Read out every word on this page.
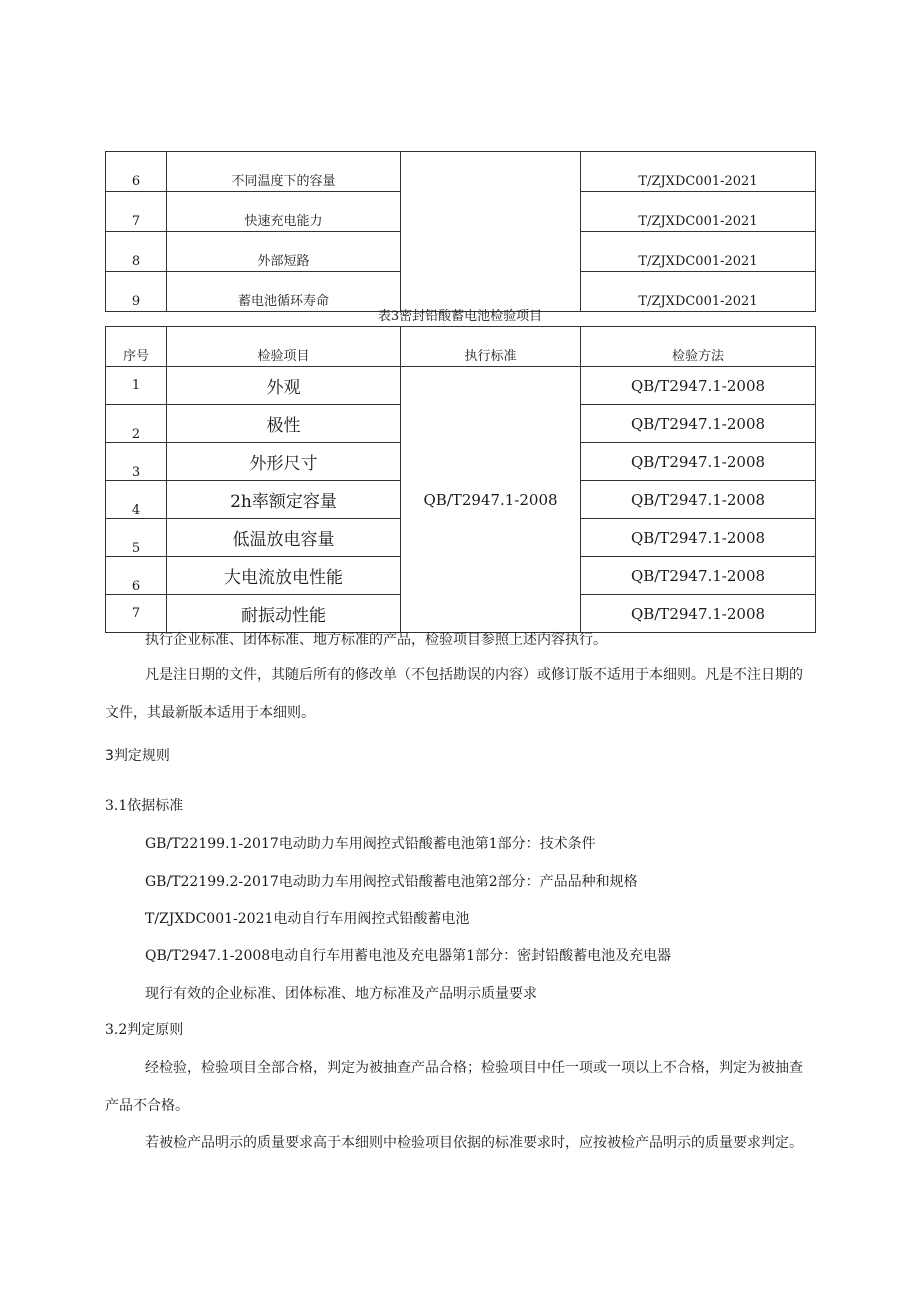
6	不同温度下的容量		T/ZJXDC001-2021
7	快速充电能力		T/ZJXDC001-2021
8	外部短路		T/ZJXDC001-2021
9	蓄电池循环寿命		T/ZJXDC001-2021
表3密封铅酸蓄电池检验项目
序号	检验项目	执行标准	检验方法
1	外观	QB/T2947.1-2008	QB/T2947.1-2008
2	极性		QB/T2947.1-2008
3	外形尺寸		QB/T2947.1-2008
4	2h率额定容量		QB/T2947.1-2008
5	低温放电容量		QB/T2947.1-2008
6	大电流放电性能		QB/T2947.1-2008
7	耐振动性能		QB/T2947.1-2008
执行企业标准、团体标准、地方标准的产品，检验项目参照上述内容执行。
凡是注日期的文件，其随后所有的修改单（不包括勘误的内容）或修订版不适用于本细则。凡是不注日期的文件，其最新版本适用于本细则。
3判定规则
3.1依据标准
GB/T22199.1-2017电动助力车用阀控式铅酸蓄电池第1部分：技术条件
GB/T22199.2-2017电动助力车用阀控式铅酸蓄电池第2部分：产品品种和规格
T/ZJXDC001-2021电动自行车用阀控式铅酸蓄电池
QB/T2947.1-2008电动自行车用蓄电池及充电器第1部分：密封铅酸蓄电池及充电器
现行有效的企业标准、团体标准、地方标准及产品明示质量要求
3.2判定原则
经检验，检验项目全部合格，判定为被抽查产品合格；检验项目中任一项或一项以上不合格，判定为被抽查产品不合格。
若被检产品明示的质量要求高于本细则中检验项目依据的标准要求时，应按被检产品明示的质量要求判定。
